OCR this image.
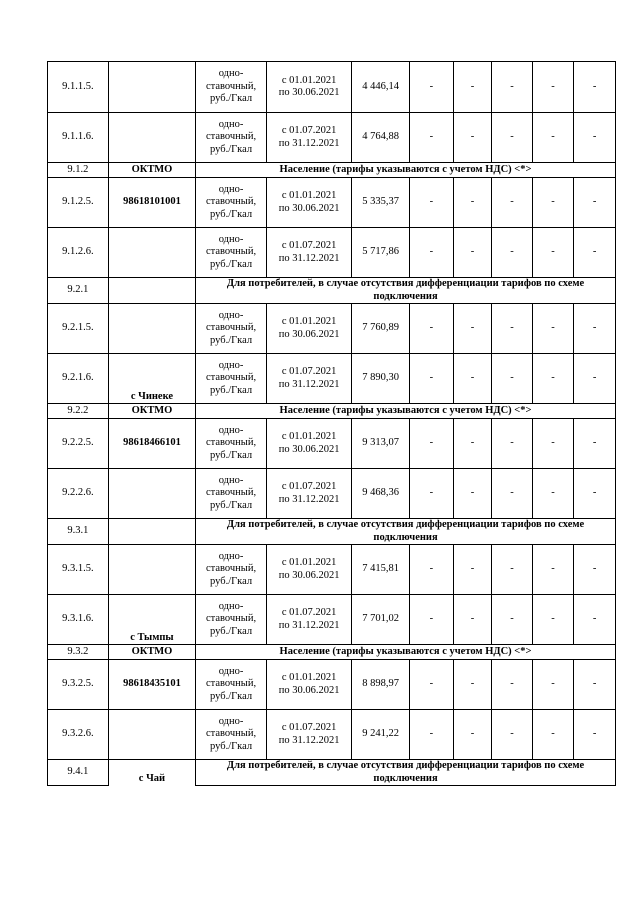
9.1.1.5.		одно-
ставочный,
руб./Гкал	с 01.01.2021
по 30.06.2021	4 446,14	-	-	-	-	-
9.1.1.6.		одно-
ставочный,
руб./Гкал	с 01.07.2021
по 31.12.2021	4 764,88	-	-	-	-	-
9.1.2	ОКТМО	Население (тарифы указываются с учетом НДС) <*>							
9.1.2.5.	98618101001	одно-
ставочный,
руб./Гкал	с 01.01.2021
по 30.06.2021	5 335,37	-	-	-	-	-
9.1.2.6.		одно-
ставочный,
руб./Гкал	с 01.07.2021
по 31.12.2021	5 717,86	-	-	-	-	-
9.2.1		Для потребителей, в случае отсутствия дифференциации тарифов по схеме подключения							
9.2.1.5.		одно-
ставочный,
руб./Гкал	с 01.01.2021
по 30.06.2021	7 760,89	-	-	-	-	-
9.2.1.6.	с Чинеке	одно-
ставочный,
руб./Гкал	с 01.07.2021
по 31.12.2021	7 890,30	-	-	-	-	-
9.2.2	ОКТМО	Население (тарифы указываются с учетом НДС) <*>							
9.2.2.5.	98618466101	одно-
ставочный,
руб./Гкал	с 01.01.2021
по 30.06.2021	9 313,07	-	-	-	-	-
9.2.2.6.		одно-
ставочный,
руб./Гкал	с 01.07.2021
по 31.12.2021	9 468,36	-	-	-	-	-
9.3.1		Для потребителей, в случае отсутствия дифференциации тарифов по схеме подключения							
9.3.1.5.		одно-
ставочный,
руб./Гкал	с 01.01.2021
по 30.06.2021	7 415,81	-	-	-	-	-
9.3.1.6.	с Тымпы	одно-
ставочный,
руб./Гкал	с 01.07.2021
по 31.12.2021	7 701,02	-	-	-	-	-
9.3.2	ОКТМО	Население (тарифы указываются с учетом НДС) <*>							
9.3.2.5.	98618435101	одно-
ставочный,
руб./Гкал	с 01.01.2021
по 30.06.2021	8 898,97	-	-	-	-	-
9.3.2.6.		одно-
ставочный,
руб./Гкал	с 01.07.2021
по 31.12.2021	9 241,22	-	-	-	-	-
9.4.1	с Чай	Для потребителей, в случае отсутствия дифференциации тарифов по схеме подключения							
